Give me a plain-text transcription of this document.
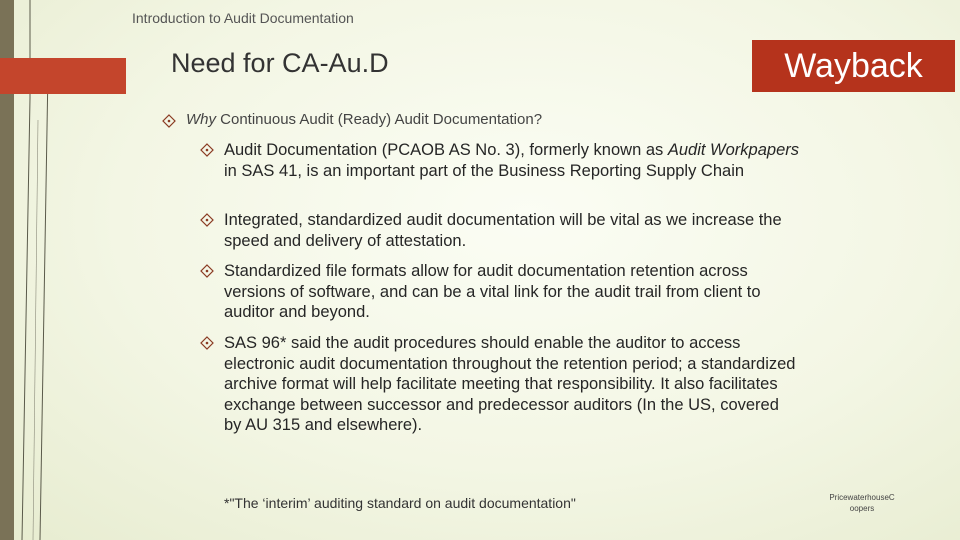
Introduction to Audit Documentation
Need for CA-Au.D	Wayback
Why Continuous Audit (Ready) Audit Documentation?
Audit Documentation (PCAOB AS No. 3), formerly known as Audit Workpapers in SAS 41, is an important part of the Business Reporting Supply Chain
Integrated, standardized audit documentation will be vital as we increase the speed and delivery of attestation.
Standardized file formats allow for audit documentation retention across versions of software, and can be a vital link for the audit trail from client to auditor and beyond.
SAS 96* said the audit procedures should enable the auditor to access electronic audit documentation throughout the retention period; a standardized archive format will help facilitate meeting that responsibility. It also facilitates exchange between successor and predecessor auditors (In the US, covered by AU 315 and elsewhere).
*"The ‘interim’ auditing standard on audit documentation"	PricewaterhouseC
oopers
